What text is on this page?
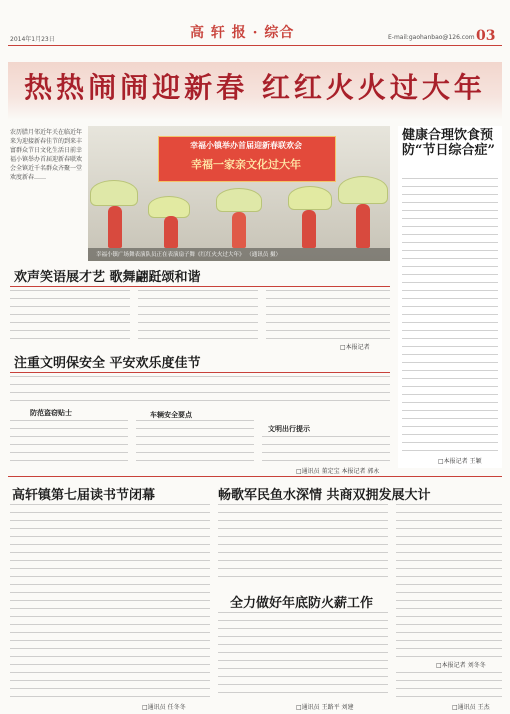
2014年1月23日	高 轩 报 · 综合	E-mail:gaohanbao@126.com 03
热热闹闹迎新春 红红火火过大年
农历腊月邻近年关在临近年来为迎接新春佳节的到来丰富群众节日文化生活日前幸福小镇举办首届迎新春联欢会全镇近千名群众齐聚一堂欢度新春……
幸福小镇举办首届迎新春联欢会
幸福一家亲文化过大年
幸福小镇广场舞表演队员正在表演扇子舞《红红火火过大年》 （通讯员 摄）
欢声笑语展才艺 歌舞翩跹颂和谐
□本报记者
注重文明保安全 平安欢乐度佳节
防范盗窃贴士	车辆安全要点
文明出行提示
□通讯员 董定宝 本报记者 郭永
健康合理饮食预防“节日综合症”
□本报记者 王颖
高轩镇第七届读书节闭幕
□通讯员 任冬冬
畅歌军民鱼水深情 共商双拥发展大计
全力做好年底防火薪工作
□通讯员 王路平 刘建
□本报记者 刘冬冬
□通讯员 王杰
